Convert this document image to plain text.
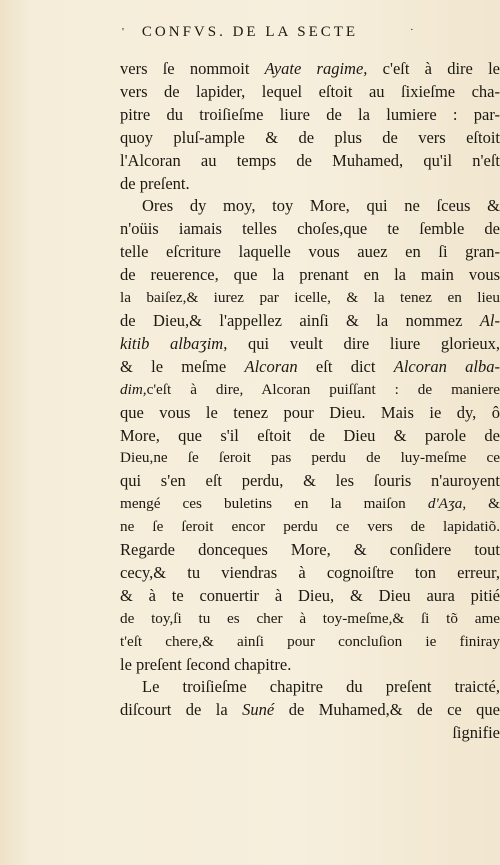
' CONFVS. DE LA SECTE	·
vers ſe nommoit Ayate ragime, c'eſt à dire le
vers de lapider, lequel eſtoit au ſixieſme cha-
pitre du troiſieſme liure de la lumiere : par-
quoy pluſ-ample & de plus de vers eſtoit
l'Alcoran au temps de Muhamed, qu'il n'eſt
de preſent.
Ores dy moy, toy More, qui ne ſceus &
n'oüis iamais telles choſes,que te ſemble de
telle eſcriture laquelle vous auez en ſi gran-
de reuerence, que la prenant en la main vous
la baiſez,& iurez par icelle, & la tenez en lieu
de Dieu,& l'appellez ainſi & la nommez Al-
kitib albaʒim, qui veult dire liure glorieux,
& le meſme Alcoran eſt dict Alcoran alba-
dim,c'eſt à dire, Alcoran puiſſant : de maniere
que vous le tenez pour Dieu. Mais ie dy, ô
More, que s'il eſtoit de Dieu & parole de
Dieu,ne ſe ſeroit pas perdu de luy-meſme ce
qui s'en eſt perdu, & les ſouris n'auroyent
mengé ces buletins en la maiſon d'Aʒa, &
ne ſe ſeroit encor perdu ce vers de lapidatiõ.
Regarde donceques More, & conſidere tout
cecy,& tu viendras à cognoiſtre ton erreur,
& à te conuertir à Dieu, & Dieu aura pitié
de toy,ſi tu es cher à toy-meſme,& ſi tõ ame
t'eſt chere,& ainſi pour concluſion ie finiray
le preſent ſecond chapitre.
Le troiſieſme chapitre du preſent traicté,
diſcourt de la Suné de Muhamed,& de ce que
ſignifie
